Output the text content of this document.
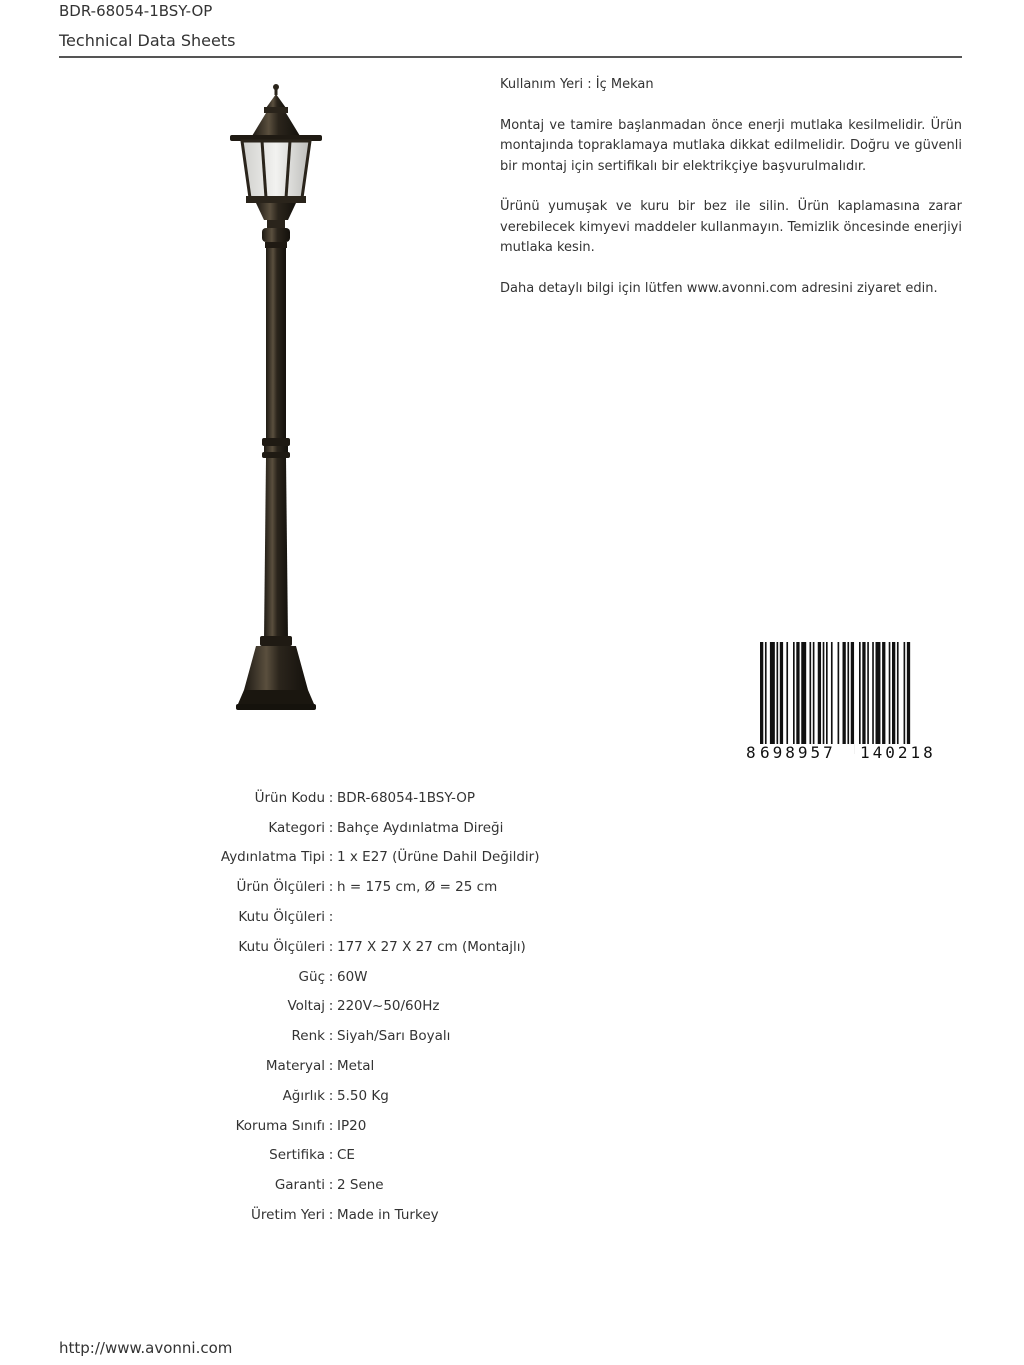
BDR-68054-1BSY-OP
Technical Data Sheets

Kullanım Yeri : İç Mekan

Montaj ve tamire başlanmadan önce enerji mutlaka kesilmelidir. Ürün montajında topraklamaya mutlaka dikkat edilmelidir. Doğru ve güvenli bir montaj için sertifikalı bir elektrikçiye başvurulmalıdır.

Ürünü yumuşak ve kuru bir bez ile silin. Ürün kaplamasına zarar verebilecek kimyevi maddeler kullanmayın. Temizlik öncesinde enerjiyi mutlaka kesin.

Daha detaylı bilgi için lütfen www.avonni.com adresini ziyaret edin.

8 698957 140218
Ürün Kodu : BDR-68054-1BSY-OP
Kategori : Bahçe Aydınlatma Direği
Aydınlatma Tipi : 1 x E27 (Ürüne Dahil Değildir)
Ürün Ölçüleri : h = 175 cm, Ø = 25 cm
Kutu Ölçüleri :
Kutu Ölçüleri : 177 X 27 X 27 cm (Montajlı)
Güç : 60W
Voltaj : 220V~50/60Hz
Renk : Siyah/Sarı Boyalı
Materyal : Metal
Ağırlık : 5.50 Kg
Koruma Sınıfı : IP20
Sertifika : CE
Garanti : 2 Sene
Üretim Yeri : Made in Turkey
http://www.avonni.com
